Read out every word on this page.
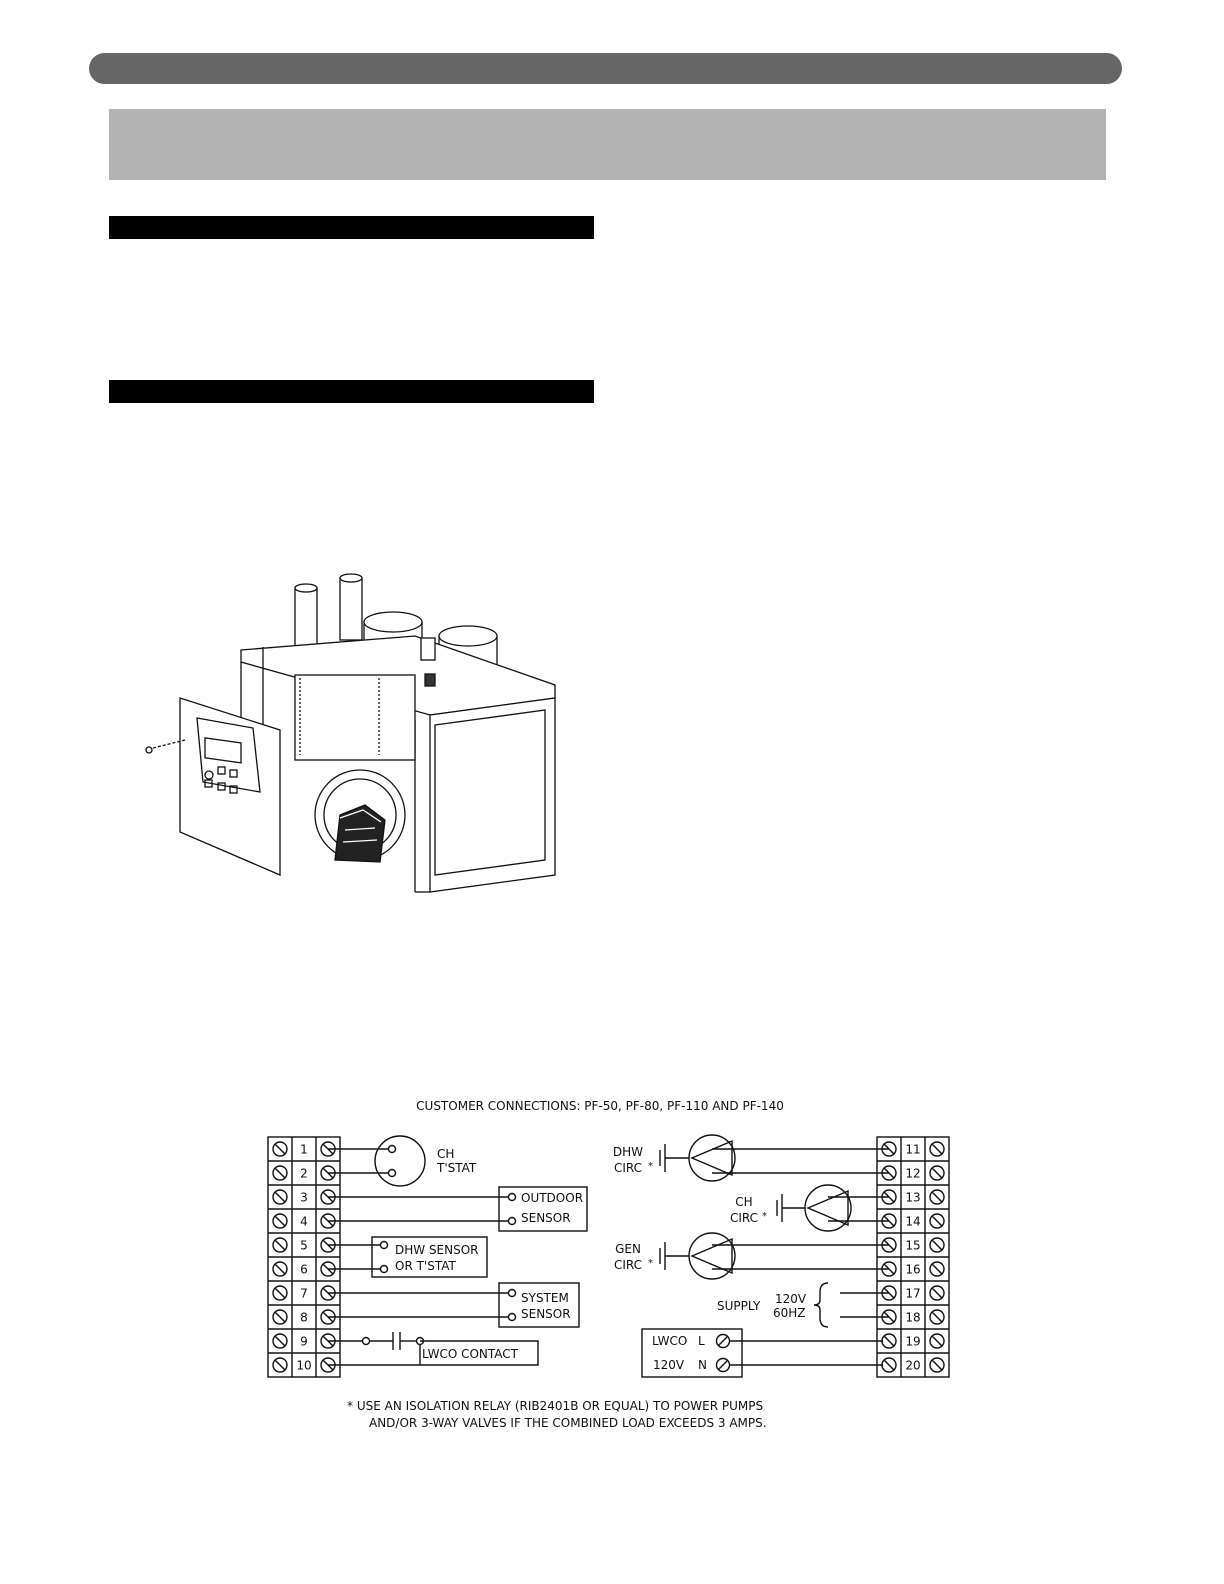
CUSTOMER CONNECTIONS: PF-50, PF-80, PF-110 AND PF-140
1
2
3
4
5
6
7
8
9
10
11
12
13
14
15
16
17
18
19
20
CH
T'STAT
OUTDOOR
SENSOR
DHW SENSOR
OR T'STAT
SYSTEM
SENSOR
LWCO CONTACT
DHW
CIRC *
CH
CIRC *
GEN
CIRC *
SUPPLY 120V
60HZ
LWCO L
120V N
* USE AN ISOLATION RELAY (RIB2401B OR EQUAL) TO POWER PUMPS
AND/OR 3-WAY VALVES IF THE COMBINED LOAD EXCEEDS 3 AMPS.
